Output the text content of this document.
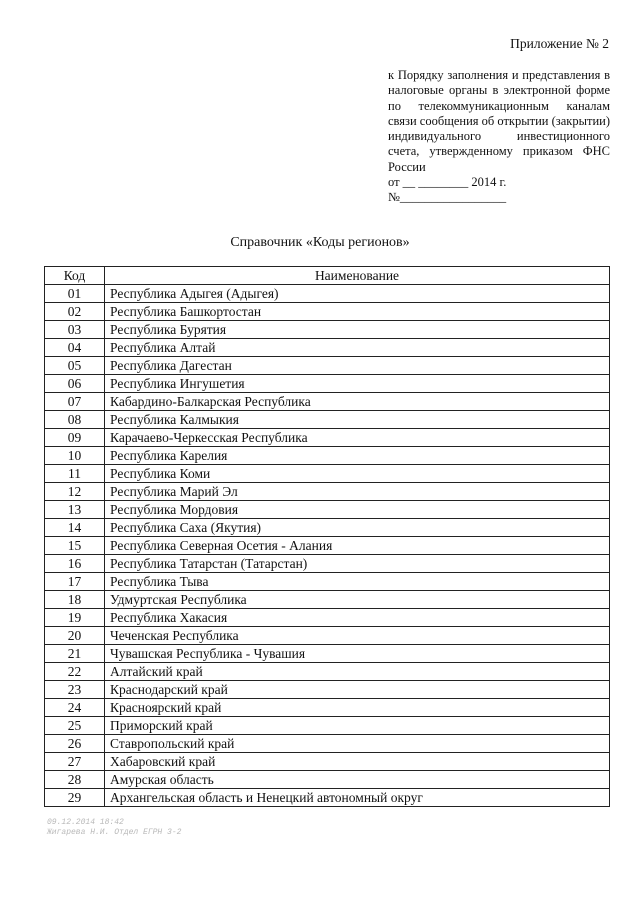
Приложение № 2

к Порядку заполнения и представления в налоговые органы в электронной форме по телекоммуникационным каналам связи сообщения об открытии (закрытии) индивидуального инвестиционного счета, утвержденному приказом ФНС России

от __ ________ 2014 г.

№_________________

Справочник «Коды регионов»
Код	Наименование
01	Республика Адыгея (Адыгея)
02	Республика Башкортостан
03	Республика Бурятия
04	Республика Алтай
05	Республика Дагестан
06	Республика Ингушетия
07	Кабардино-Балкарская Республика
08	Республика Калмыкия
09	Карачаево-Черкесская Республика
10	Республика Карелия
11	Республика Коми
12	Республика Марий Эл
13	Республика Мордовия
14	Республика Саха (Якутия)
15	Республика Северная Осетия - Алания
16	Республика Татарстан (Татарстан)
17	Республика Тыва
18	Удмуртская Республика
19	Республика Хакасия
20	Чеченская Республика
21	Чувашская Республика - Чувашия
22	Алтайский край
23	Краснодарский край
24	Красноярский край
25	Приморский край
26	Ставропольский край
27	Хабаровский край
28	Амурская область
29	Архангельская область и Ненецкий автономный округ
09.12.2014 18:42
Жигарева Н.И. Отдел ЕГРН 3-2
